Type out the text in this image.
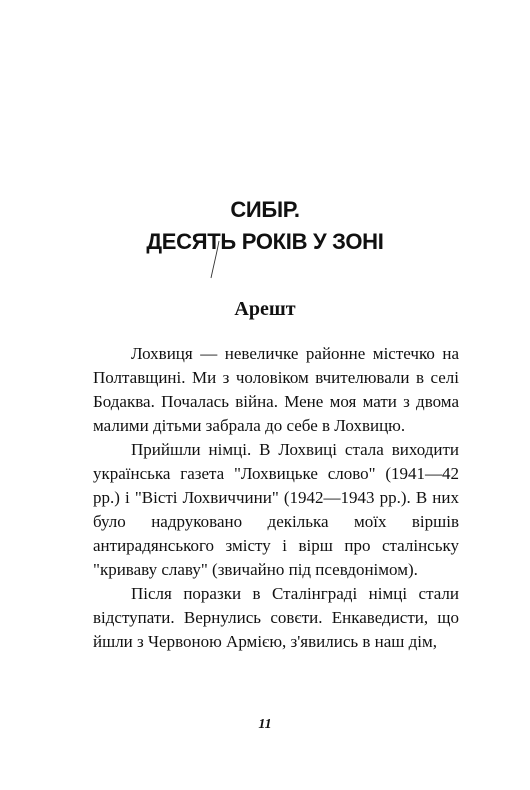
СИБІР.
ДЕСЯТЬ РОКІВ У ЗОНІ
Арешт

Лохвиця — невеличке районне містечко на Полтавщині. Ми з чоловіком вчителювали в селі Бодаква. Почалась війна. Мене моя мати з двома малими дітьми забрала до себе в Лохвицю.

Прийшли німці. В Лохвиці стала виходити українська газета "Лохвицьке слово" (1941—42 рр.) і "Вісті Лохвиччини" (1942—1943 рр.). В них було надруковано декілька моїх віршів антирадянського змісту і вірш про сталінську "криваву славу" (звичайно під псевдонімом).

Після поразки в Сталінграді німці стали відступати. Вернулись совєти. Енкаведисти, що йшли з Червоною Армією, з'явились в наш дім,

11
